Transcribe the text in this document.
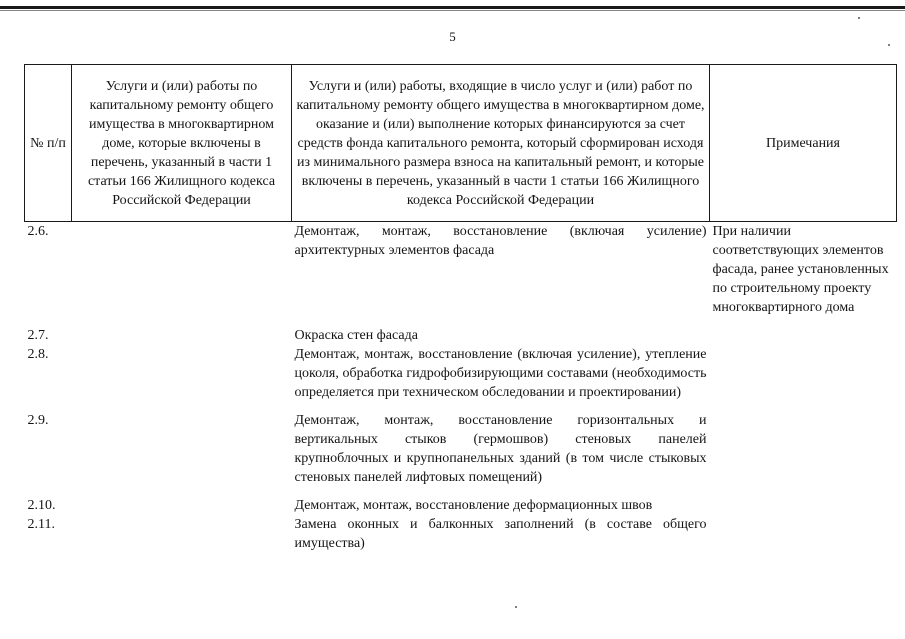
5
№ п/п	Услуги и (или) работы по капитальному ремонту общего имущества в многоквартирном доме, которые включены в перечень, указанный в части 1 статьи 166 Жилищного кодекса Российской Федерации	Услуги и (или) работы, входящие в число услуг и (или) работ по капитальному ремонту общего имущества в многоквартирном доме, оказание и (или) выполнение которых финансируются за счет средств фонда капитального ремонта, который сформирован исходя из минимального размера взноса на капитальный ремонт, и которые включены в перечень, указанный в части 1 статьи 166 Жилищного кодекса Российской Федерации	Примечания
2.6.		Демонтаж, монтаж, восстановление (включая усиление) архитектурных элементов фасада	При наличии соответствующих элементов фасада, ранее установленных по строительному проекту многоквартирного дома

2.7.		Окраска стен фасада	
2.8.		Демонтаж, монтаж, восстановление (включая усиление), утепление цоколя, обработка гидрофобизирующими составами (необходимость определяется при техническом обследовании и проектировании)	

2.9.		Демонтаж, монтаж, восстановление горизонтальных и вертикальных стыков (гермошвов) стеновых панелей крупноблочных и крупнопанельных зданий (в том числе стыковых стеновых панелей лифтовых помещений)	

2.10.		Демонтаж, монтаж, восстановление деформационных швов	
2.11.		Замена оконных и балконных заполнений (в составе общего имущества)	
